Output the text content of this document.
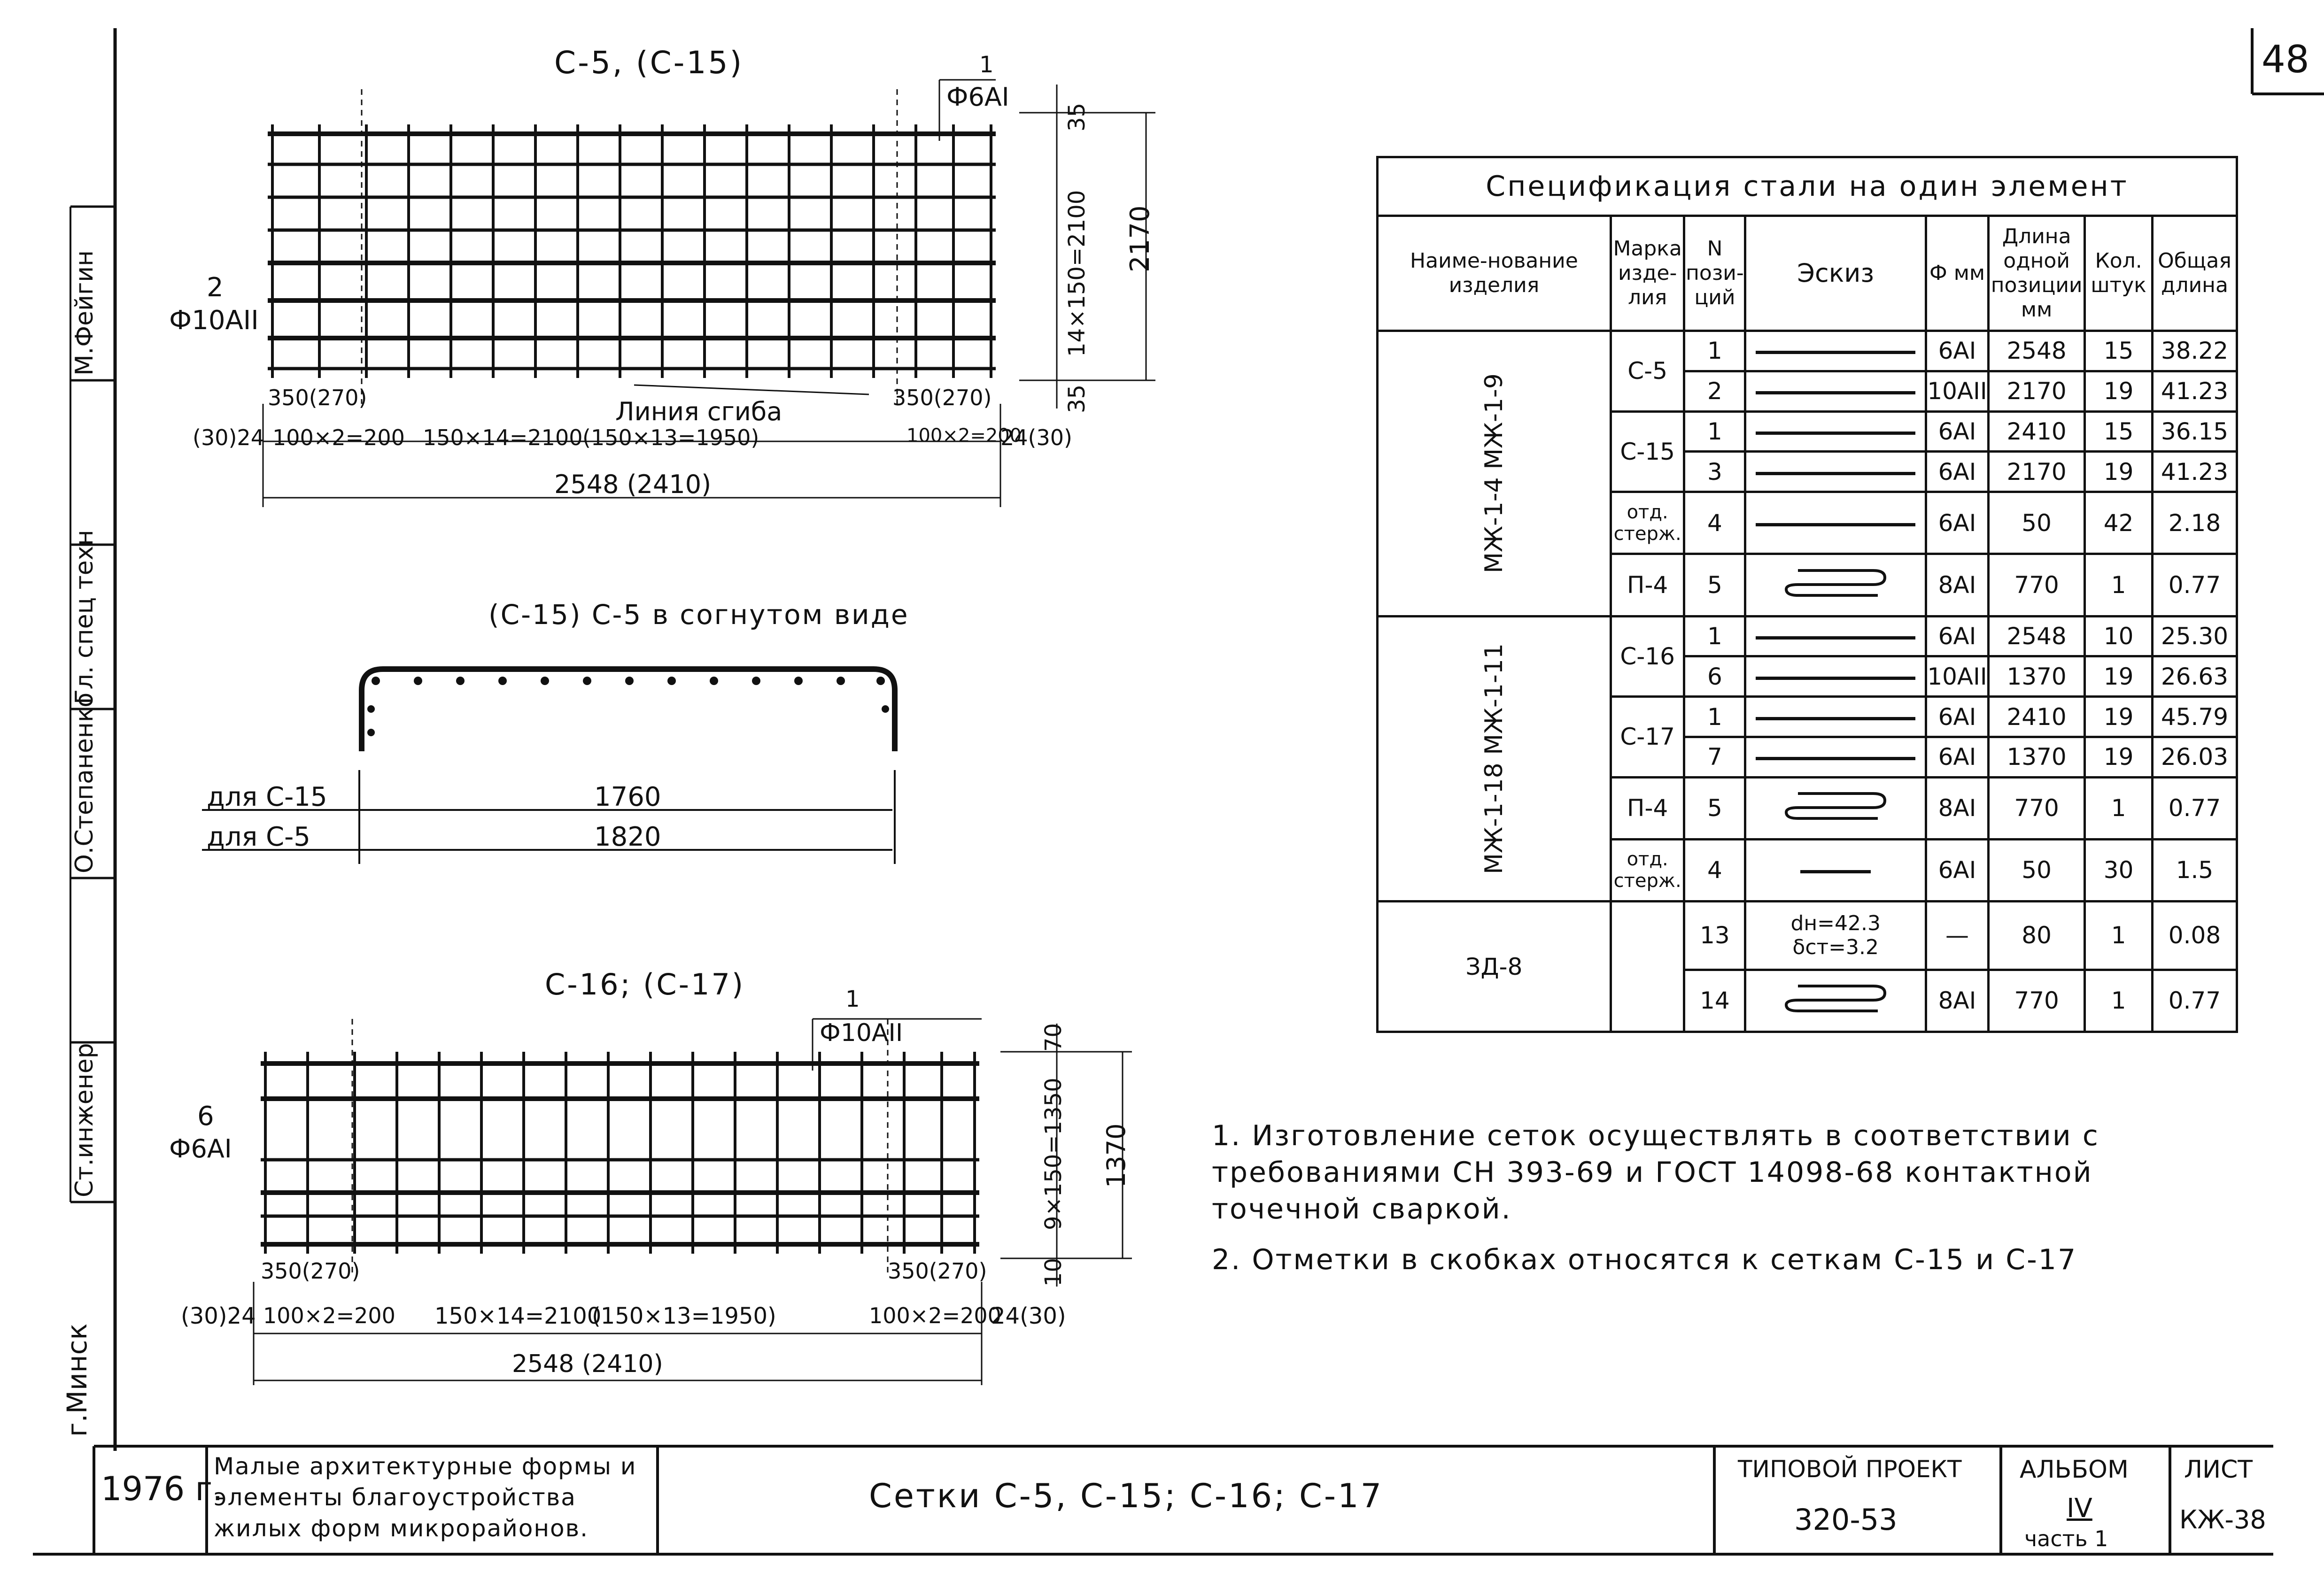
48
М.Фейгин
Гл. спец техн
О.Степаненко
Ст.инженер
г.Минск
С-5, (С-15)	1
Ф6АI
2
Ф10АII
35
14×150=2100
35
2170
Линия сгиба
350(270)	350(270)
(30)24 100×2=200 150×14=2100 (150×13=1950)	100×2=200
24(30)
2548 (2410)
(С-15) С-5 в согнутом виде
для С-15	1760
для С-5	1820
С-16; (С-17)	1
Ф10АII
6
Ф6АI
70
9×150=1350
10
1370
350(270)	350(270)
(30)24 100×2=200 150×14=2100
(150×13=1950)	100×2=200
24(30)
2548 (2410)
Спецификация стали на один элемент							
Наиме-нование изделия	Марка изде-лия	N пози-ций	Эскиз	Ф мм	Длина одной позиции мм	Кол. штук	Общая длина
МЖ-1-4 МЖ-1-9	С-5	1		6АI	2548	15	38.22
		2		10АII	2170	19	41.23
	С-15	1		6АI	2410	15	36.15
		3		6АI	2170	19	41.23
	отд. стерж.	4		6АI	50	42	2.18
	П-4	5		8АI	770	1	0.77
МЖ-1-18 МЖ-1-11	С-16	1		6АI	2548	10	25.30
		6		10АII	1370	19	26.63
	С-17	1		6АI	2410	19	45.79
		7		6АI	1370	19	26.03
	П-4	5		8АI	770	1	0.77
	отд. стерж.	4		6АI	50	30	1.5
ЗД-8		13	dн=42.3 δст=3.2	—	80	1	0.08
		14		8АI	770	1	0.77

1. Изготовление сеток осуществлять в соответствии с требованиями СН 393-69 и ГОСТ 14098-68 контактной точечной сваркой.

2. Отметки в скобках относятся к сеткам С-15 и С-17

1976 г.
Малые архитектурные формы и элементы благоустройства жилых форм микрорайонов.
Сетки С-5, С-15; С-16; С-17
ТИПОВОЙ ПРОЕКТ
320-53
АЛЬБОМ
IV
часть 1
ЛИСТ
КЖ-38
